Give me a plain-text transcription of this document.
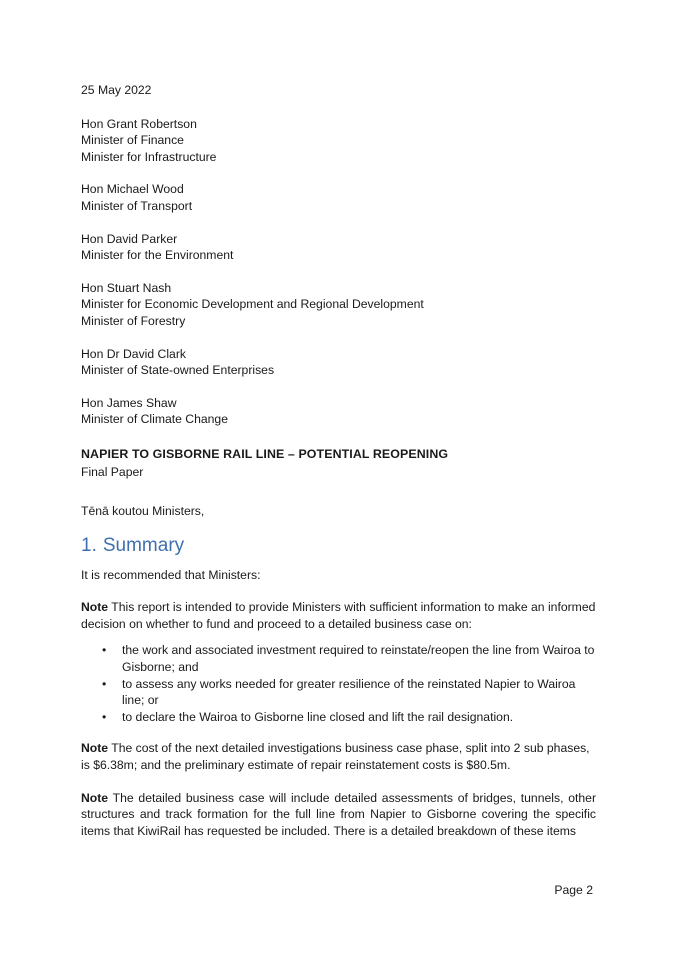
25 May 2022
Hon Grant Robertson
Minister of Finance
Minister for Infrastructure
Hon Michael Wood
Minister of Transport
Hon David Parker
Minister for the Environment
Hon Stuart Nash
Minister for Economic Development and Regional Development
Minister of Forestry
Hon Dr David Clark
Minister of State-owned Enterprises
Hon James Shaw
Minister of Climate Change
NAPIER TO GISBORNE RAIL LINE – POTENTIAL REOPENING
Final Paper
Tēnā koutou Ministers,
1. Summary

It is recommended that Ministers:

Note This report is intended to provide Ministers with sufficient information to make an informed decision on whether to fund and proceed to a detailed business case on:

• the work and associated investment required to reinstate/reopen the line from Wairoa to Gisborne; and
• to assess any works needed for greater resilience of the reinstated Napier to Wairoa line; or
• to declare the Wairoa to Gisborne line closed and lift the rail designation.

Note The cost of the next detailed investigations business case phase, split into 2 sub phases, is $6.38m; and the preliminary estimate of repair reinstatement costs is $80.5m.

Note The detailed business case will include detailed assessments of bridges, tunnels, other structures and track formation for the full line from Napier to Gisborne covering the specific items that KiwiRail has requested be included. There is a detailed breakdown of these items

Page 2
